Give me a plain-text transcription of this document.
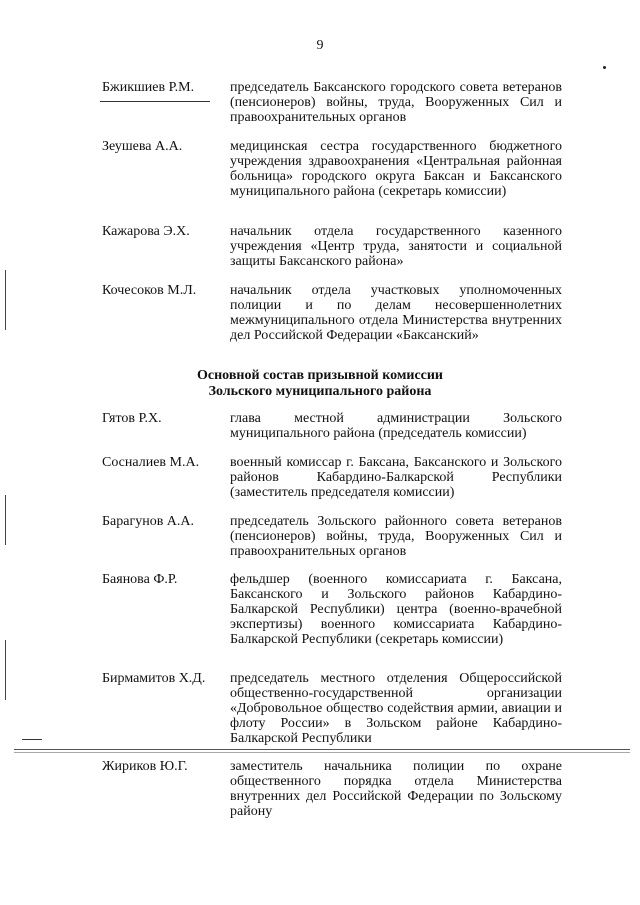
9
Бжикшиев Р.М.	председатель Баксанского городского совета ветеранов (пенсионеров) войны, труда, Вооруженных Сил и правоохранительных органов
Зеушева А.А.	медицинская сестра государственного бюджетного учреждения здравоохранения «Центральная районная больница» городского округа Баксан и Баксанского муниципального района (секретарь комиссии)
Кажарова Э.Х.	начальник отдела государственного казенного учреждения «Центр труда, занятости и социальной защиты Баксанского района»
Кочесоков М.Л.	начальник отдела участковых уполномоченных полиции и по делам несовершеннолетних межмуниципального отдела Министерства внутренних дел Российской Федерации «Баксанский»
Основной состав призывной комиссии
Зольского муниципального района
Гятов Р.Х.	глава местной администрации Зольского муниципального района (председатель комиссии)
Сосналиев М.А.	военный комиссар г. Баксана, Баксанского и Зольского районов Кабардино-Балкарской Республики (заместитель председателя комиссии)
Барагунов А.А.	председатель Зольского районного совета ветеранов (пенсионеров) войны, труда, Вооруженных Сил и правоохранительных органов
Баянова Ф.Р.	фельдшер (военного комиссариата г. Баксана, Баксанского и Зольского районов Кабардино-Балкарской Республики) центра (военно-врачебной экспертизы) военного комиссариата Кабардино-Балкарской Республики (секретарь комиссии)
Бирмамитов Х.Д.	председатель местного отделения Общероссийской общественно-государственной организации «Добровольное общество содействия армии, авиации и флоту России» в Зольском районе Кабардино-Балкарской Республики
Жириков Ю.Г.	заместитель начальника полиции по охране общественного порядка отдела Министерства внутренних дел Российской Федерации по Зольскому району
